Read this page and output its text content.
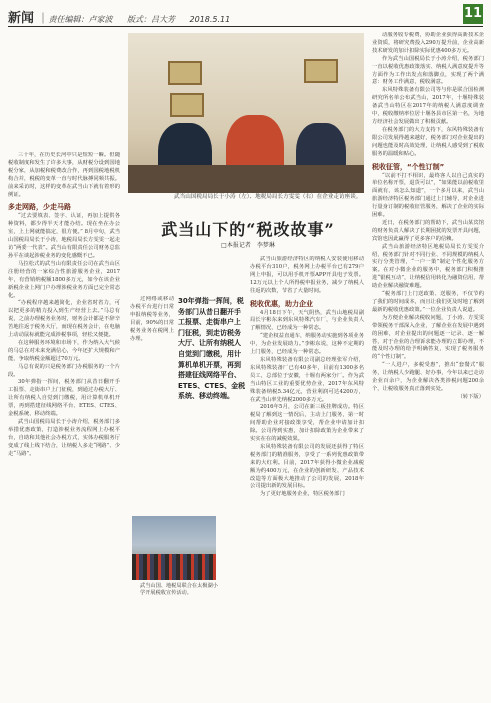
新闻 ｜责任编辑：卢家波 　 版式：吕大芳 　 2018.5.11	11

三十年，在历史长河中只是短短一瞬。但随税收制度和发生了许多大事，从财税分设到国地税分家，从加税和税费改合作，再到国税地税机构合并，税税的变革一直与时代脉搏同频共振。前来采访时，这样的变革在武当山下就有着形的例证。

多走网路，少走马路

“过去要填表、签字、认证，再加上提供各种资料，都少得半天才能办结。现在坐在办公室，上上网就能搞定，很方便。” 8月中旬，武当山国税局局长于小涛，地税局局长方雯雯一起走访“两委一代表”。武当山有限责任公司财务总监孙平在谈起涉税业务的变化感慨不已。

马拉松式的武当山有限责任公司在武当山区注册经营的一家综合性旅游服务企业，2017年，有营销纳税额1800多万元，如今在该企业新税企业上网门户办理涉税业务方面已完全常态化。

“办税程序越来越简化，企业省时省力，可以把更多的精力投入到生产经营上去。”马总有说，之前办理税务业务时，财务会计都是不辞辛苦地往返于税务大厅，而现在税务会计，在电脑上动动鼠标就能完成涉税事项，轻松又便捷。

在这种服务环境和市场下，作为纳入大气候的马总在对未来充满信心，今年还扩大规模和产能，争取纳税金额超过70万元。

马总有说的只是税务部门办税服务的一个片段。

30年弹指一挥间，税务部门从昔日翻开手工报票、走街串户上门征税，到通过办税大厅、让所有纳税人自觉到门缴税，用计算机单机开票，再到搭建征线网络平台、ETES、CTES、金税系统、移动终端。

武当山国税局局长于小涛介绍，税务部门多举措优惠政策，打造涉税业务流程网上办税平台，自助和其他社会办税方式，实体办税服务厅变成了线上线下结合，让纳税人多走“网路”、少走“马路”。

武当山国税局局长于小涛（左）、地税局局长方雯雯（右）在企业走访座谈。
武当山下的“税改故事”
□本报记者　李梦琳

过网络或移动办税平台进行日常申报纳税等业务，目前，90%的日常税务业务在税网上办理。

30年弹指一挥间，税务部门从昔日翻开手工报票、走街串户上门征税，到走访税务大厅、让所有纳税人自觉到门缴税，用计算机单机开票，再到搭建征线网络平台、ETES、CTES、金税系统、移动终端。
武当山国、地税局联合在太极湖小学开展税收宣传活动。

武当山旅游经济特区的纳税人安装使用移动办税平台310户，税务网上办税平台已有279户网上申报，可以用手机开票APP开具电子发票。12万元以上个人所得税申报业务，减少了纳税人往返的次数，节省了大量时间。

税收优惠，助力企业

4月18日下午，天气阴热，武当山地税局副局长宇彬东来到东风特殊汽车厂，与企业负责人了解情况，已经成为一种常态。

“建企权益直通车，纳服务动实施到各项业务中，为企业发展助力。”李彬东说，这种不定期的上门服务，已经成为一种常态。

东风特殊装备有限公司副总经理张军介绍，东风特殊装备厂已有40多年，目前有1300多名员工，总部位于安徽，十堰有两家分厂。作为武当山特区工业的重要优势企业，2017年东风特殊装备纳税5.34亿元，营业利润可达4200万，在武当山率先纳税2000多万元。

2016年5月，公司在新三板挂牌成功。特区税局了解到这一情况后，主动上门服务，第一时间帮助企业对接政策享受，帮企业申请加计扣除。公司得到实惠，加计扣除政策为企业带来了实实在在的减税效果。

东风特殊装备有限公司的发展还获得了特区税务部门的精准服务，享受了一系列优惠政策带来的大红利。目前，2017年获得小微企业减税额为约400万元，在企业的创新研发、产品技术改造等方面极大地推动了公司的发展，2018年公司提出新的发展目标。

为了更好地服务企业，特区税务部门

动服务收专税费，协助企业获得高新技术企业资质，将研究费投入290万提升前，企业高新技术研发的加计扣除实际优惠400多万元。

作为武当山国税局长于小涛介绍，税务部门一直以税收优惠政策落实、纳税人满意度提升等方面作为工作出发点和落脚点，实现了两个满意：财务工作满意，税收满意。

东风特殊装备有限公司等与你是联合国检测研究所名单公布武当山，2017年，十堰特殊装备武当山特区在2017年的纳税人满意度调查中，税收缴纳率位居十堰各县市区第一名，为地方经济社会发展做出了积极贡献。

在税务部门的大力支持下，东风特殊装备有限公司发展得越来越好，税务部门对企业提出的问题也能及时高效处理，让纳税人感受到了税收服务的温暖和贴心。

税收征管，“个性订制”

“以前不打不相识，最终客人以自己真实的单位名称开票，退货可以”，“如果能以前税收里面就有，该怎么知道”，一个多月以来，武当山旅游经济特区税务部门通过上门辅导，对企业进行量身订制的税收征管服务，解决了企业的实际困难。

近日，在税务部门的帮助下，武当山某宾馆的财务负责人解决了长期困扰的发票开具问题，宾馆也因此赢得了更多客户的信赖。

武当山旅游经济特区地税局局长方雯雯介绍，税务部门针对不同行业、不同规模的纳税人实行分类管理，“一户一策”制定个性化服务方案。在对小微企业的服务中，税务部门积极推进“银税互动”，让纳税信用转化为融资信用，帮助企业解决融资难题。

“税务部门上门送政策、送服务，不仅节约了我们的时间成本，而且让我们更及时地了解到最新的税收优惠政策。”一位企业负责人说道。

为方便企业解决税收问题，丁小涛、方雯雯带领税务干部深入企业，了解企业在发展中遇到的困难，对企业提出的问题逐一记录、逐一解答，对于企业的合理诉求能办理的立即办理，不能及时办理的给予明确答复，实现了税务服务的“个性订制”。

“一人进户，多税受惠”，推出“套餐式”服务，让纳税人少跑腿、好办事，今年以来已走访企业百余户，为企业解决各类涉税问题200余个，让税收服务真正落到实处。

（转下版）
